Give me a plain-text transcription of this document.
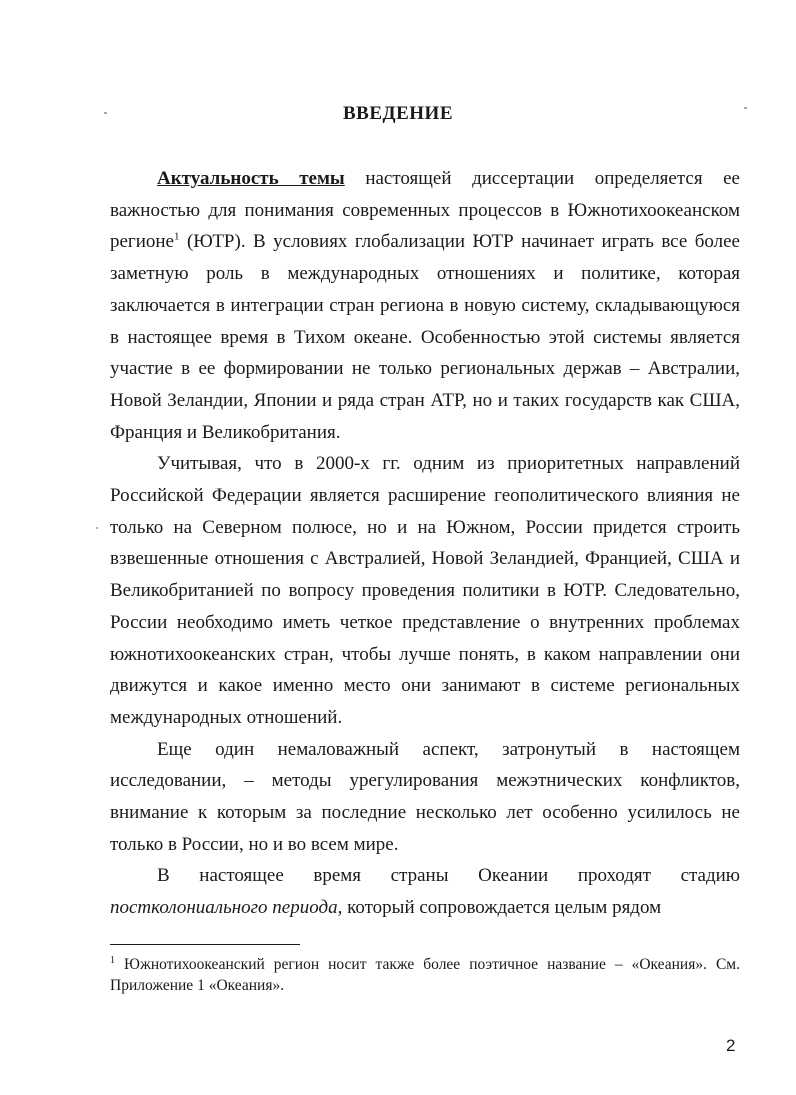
ВВЕДЕНИЕ

Актуальность темы настоящей диссертации определяется ее важностью для понимания современных процессов в Южнотихоокеанском регионе$^1$ (ЮТР). В условиях глобализации ЮТР начинает играть все более заметную роль в международных отношениях и политике, которая заключается в интеграции стран региона в новую систему, складывающуюся в настоящее время в Тихом океане. Особенностью этой системы является участие в ее формировании не только региональных держав – Австралии, Новой Зеландии, Японии и ряда стран АТР, но и таких государств как США, Франция и Великобритания.

Учитывая, что в 2000-х гг. одним из приоритетных направлений Российской Федерации является расширение геополитического влияния не только на Северном полюсе, но и на Южном, России придется строить взвешенные отношения с Австралией, Новой Зеландией, Францией, США и Великобританией по вопросу проведения политики в ЮТР. Следовательно, России необходимо иметь четкое представление о внутренних проблемах южнотихоокеанских стран, чтобы лучше понять, в каком направлении они движутся и какое именно место они занимают в системе региональных международных отношений.

Еще один немаловажный аспект, затронутый в настоящем исследовании, – методы урегулирования межэтнических конфликтов, внимание к которым за последние несколько лет особенно усилилось не только в России, но и во всем мире.

В настоящее время страны Океании проходят стадию постколониального периода, который сопровождается целым рядом

$^1$ Южнотихоокеанский регион носит также более поэтичное название – «Океания». См. Приложение 1 «Океания».
2
